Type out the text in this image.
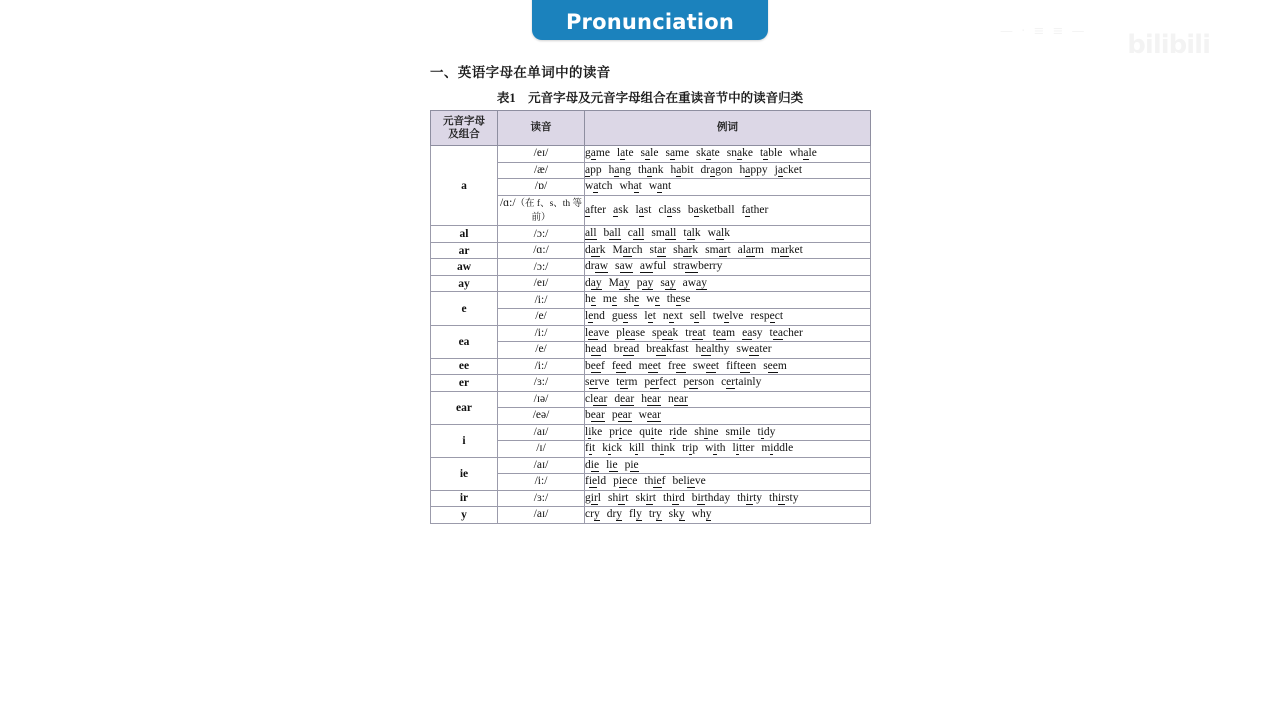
Pronunciation
一、英语字母在单词中的读音
表1　元音字母及元音字母组合在重读音节中的读音归类
元音字母
及组合	读音	例词

a	/eɪ/	game late sale same skate snake table whale
	/æ/	app hang thank habit dragon happy jacket
	/ɒ/	watch what want
	/ɑ:/（在 f、s、th 等前）	after ask last class basketball father
al	/ɔ:/	all ball call small talk walk
ar	/ɑ:/	dark March star shark smart alarm market
aw	/ɔ:/	draw saw awful strawberry
ay	/eɪ/	day May pay say away
e	/i:/	he me she we these
	/e/	lend guess let next sell twelve respect
ea	/i:/	leave please speak treat team easy teacher
	/e/	head bread breakfast healthy sweater
ee	/i:/	beef feed meet free sweet fifteen seem
er	/ɜ:/	serve term perfect person certainly
ear	/ɪə/	clear dear hear near
	/eə/	bear pear wear
i	/aɪ/	like price quite ride shine smile tidy
	/ɪ/	fit kick kill think trip with litter middle
ie	/aɪ/	die lie pie
	/i:/	field piece thief believe
ir	/ɜ:/	girl shirt skirt third birthday thirty thirsty
y	/aɪ/	cry dry fly try sky why
